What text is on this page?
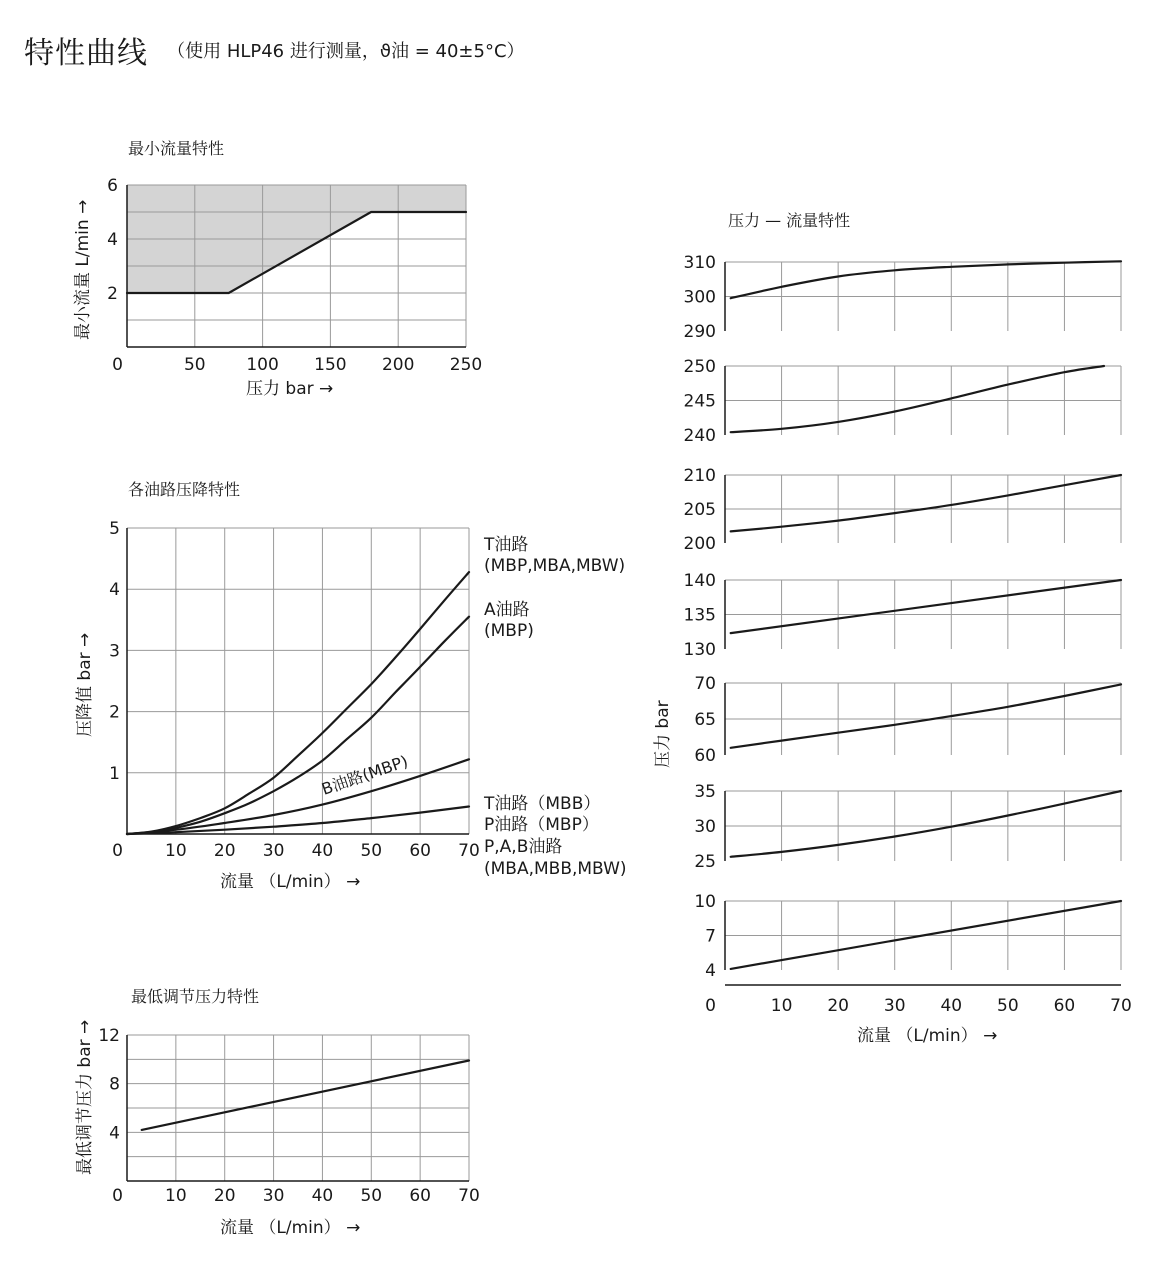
特性曲线 （使用 HLP46 进行测量，ϑ油 = 40±5°C）
最小流量特性
0	50 100 150 200 250
2
4
6
压力 bar →
最小流量 L/min →
各油路压降特性
0 10 20 30 40 50 60 70
1
2
3
4
5
流量 （L/min） →
压降值 bar →
T油路
(MBP,MBA,MBW)
A油路
(MBP)
B油路(MBP)
T油路（MBB）
P油路（MBP）
P,A,B油路
(MBA,MBB,MBW)
最低调节压力特性
0 10 20 30 40 50 60 70
4
8
12
流量 （L/min） →
最低调节压力 bar →
压力 — 流量特性
290
300
310
240
245
250
200
205
210
130
135
140
60
65
70
25
30
35
4
7
10
0	10 20 30 40 50 60 70
流量 （L/min） →
压力 bar
